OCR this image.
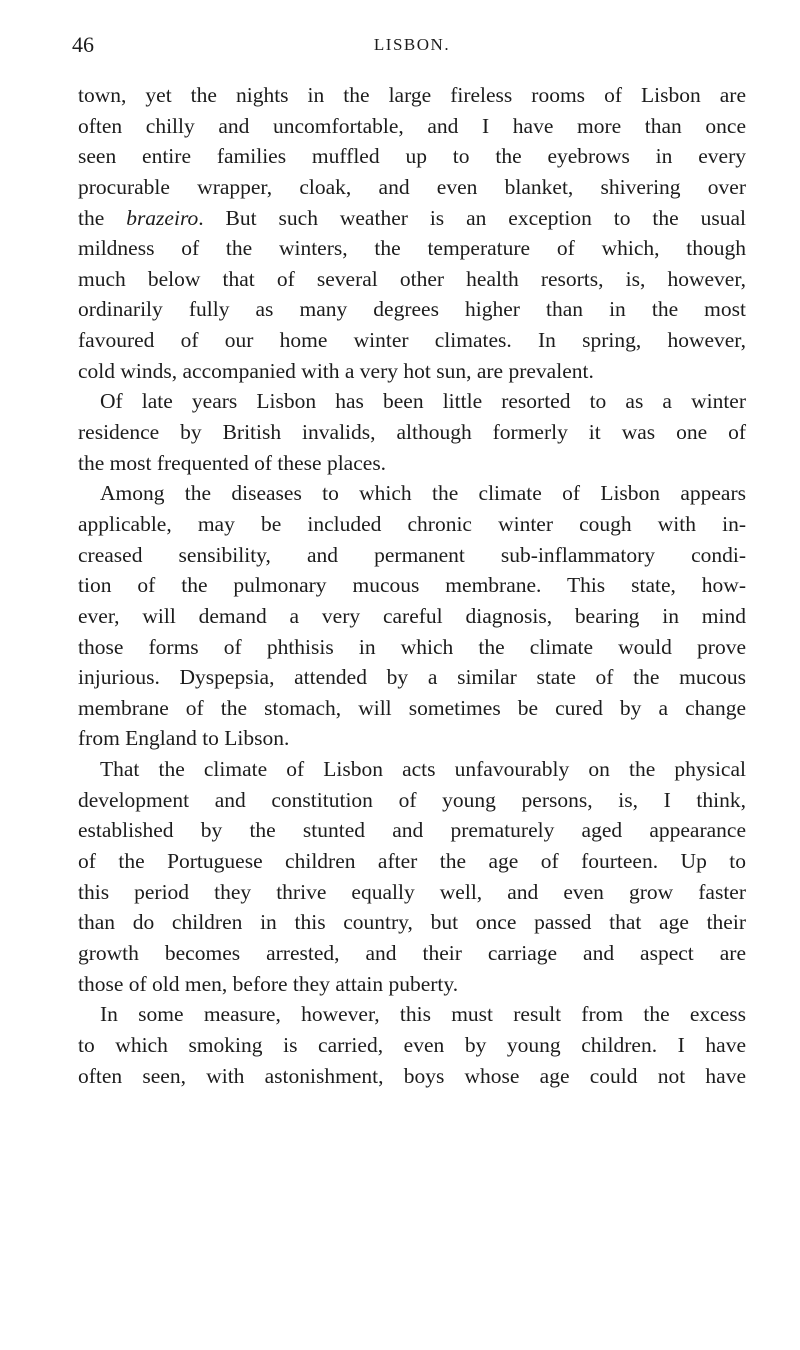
46	LISBON.
town, yet the nights in the large fireless rooms of Lisbon are
often chilly and uncomfortable, and I have more than once
seen entire families muffled up to the eyebrows in every
procurable wrapper, cloak, and even blanket, shivering over
the brazeiro. But such weather is an exception to the usual
mildness of the winters, the temperature of which, though
much below that of several other health resorts, is, however,
ordinarily fully as many degrees higher than in the most
favoured of our home winter climates. In spring, however,
cold winds, accompanied with a very hot sun, are prevalent.
Of late years Lisbon has been little resorted to as a winter
residence by British invalids, although formerly it was one of
the most frequented of these places.
Among the diseases to which the climate of Lisbon appears
applicable, may be included chronic winter cough with in-
creased sensibility, and permanent sub-inflammatory condi-
tion of the pulmonary mucous membrane. This state, how-
ever, will demand a very careful diagnosis, bearing in mind
those forms of phthisis in which the climate would prove
injurious. Dyspepsia, attended by a similar state of the mucous
membrane of the stomach, will sometimes be cured by a change
from England to Libson.
That the climate of Lisbon acts unfavourably on the physical
development and constitution of young persons, is, I think,
established by the stunted and prematurely aged appearance
of the Portuguese children after the age of fourteen. Up to
this period they thrive equally well, and even grow faster
than do children in this country, but once passed that age their
growth becomes arrested, and their carriage and aspect are
those of old men, before they attain puberty.
In some measure, however, this must result from the excess
to which smoking is carried, even by young children. I have
often seen, with astonishment, boys whose age could not have
